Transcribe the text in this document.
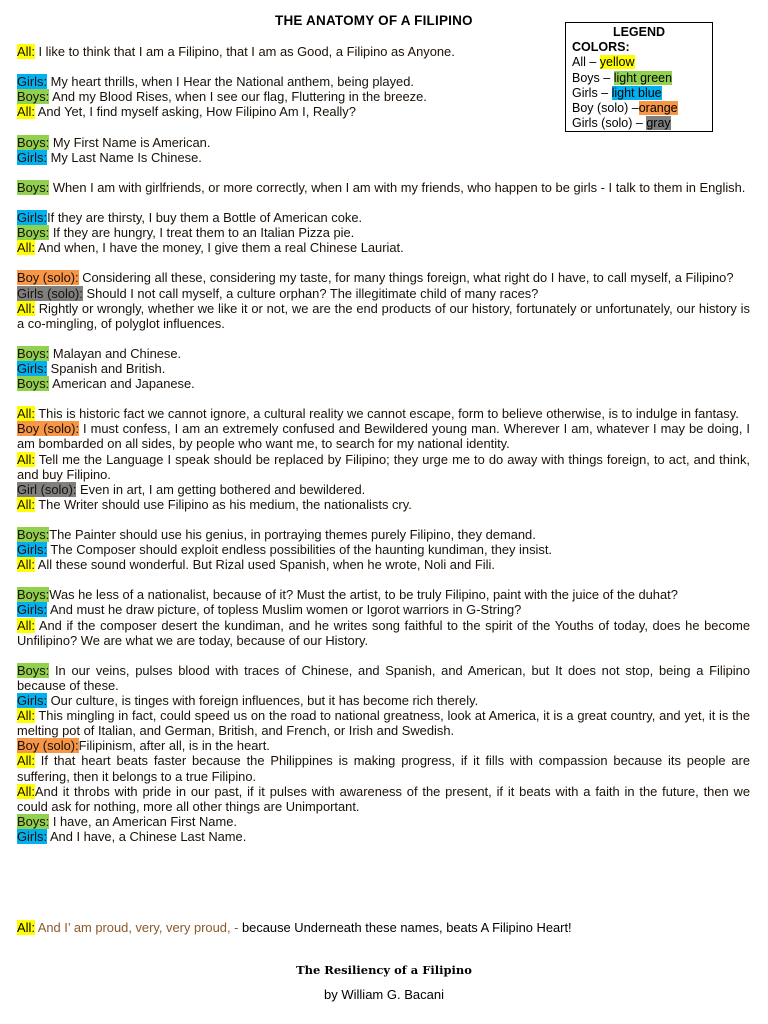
THE ANATOMY OF A FILIPINO
LEGEND
COLORS:
All – yellow
Boys – light green
Girls – light blue
Boy (solo) –orange
Girls (solo) – gray
All: I like to think that I am a Filipino, that I am as Good, a Filipino as Anyone.
Girls: My heart thrills, when I Hear the National anthem, being played.
Boys: And my Blood Rises, when I see our flag, Fluttering in the breeze.
All: And Yet, I find myself asking, How Filipino Am I, Really?
Boys: My First Name is American.
Girls: My Last Name Is Chinese.
Boys: When I am with girlfriends, or more correctly, when I am with my friends, who happen to be girls - I talk to them in English.
Girls:If they are thirsty, I buy them a Bottle of American coke.
Boys: If they are hungry, I treat them to an Italian Pizza pie.
All: And when, I have the money, I give them a real Chinese Lauriat.
Boy (solo): Considering all these, considering my taste, for many things foreign, what right do I have, to call myself, a Filipino?
Girls (solo): Should I not call myself, a culture orphan? The illegitimate child of many races?
All: Rightly or wrongly, whether we like it or not, we are the end products of our history, fortunately or unfortunately, our history is a co-mingling, of polyglot influences.
Boys: Malayan and Chinese.
Girls: Spanish and British.
Boys: American and Japanese.
All: This is historic fact we cannot ignore, a cultural reality we cannot escape, form to believe otherwise, is to indulge in fantasy.
Boy (solo): I must confess, I am an extremely confused and Bewildered young man. Wherever I am, whatever I may be doing, I am bombarded on all sides, by people who want me, to search for my national identity.
All: Tell me the Language I speak should be replaced by Filipino; they urge me to do away with things foreign, to act, and think, and buy Filipino.
Girl (solo): Even in art, I am getting bothered and bewildered.
All: The Writer should use Filipino as his medium, the nationalists cry.
Boys:The Painter should use his genius, in portraying themes purely Filipino, they demand.
Girls: The Composer should exploit endless possibilities of the haunting kundiman, they insist.
All: All these sound wonderful. But Rizal used Spanish, when he wrote, Noli and Fili.
Boys:Was he less of a nationalist, because of it? Must the artist, to be truly Filipino, paint with the juice of the duhat?
Girls: And must he draw picture, of topless Muslim women or Igorot warriors in G-String?
All: And if the composer desert the kundiman, and he writes song faithful to the spirit of the Youths of today, does he become Unfilipino? We are what we are today, because of our History.
Boys: In our veins, pulses blood with traces of Chinese, and Spanish, and American, but It does not stop, being a Filipino because of these.
Girls: Our culture, is tinges with foreign influences, but it has become rich therely.
All: This mingling in fact, could speed us on the road to national greatness, look at America, it is a great country, and yet, it is the melting pot of Italian, and German, British, and French, or Irish and Swedish.
Boy (solo):Filipinism, after all, is in the heart.
All: If that heart beats faster because the Philippines is making progress, if it fills with compassion because its people are suffering, then it belongs to a true Filipino.
All:And it throbs with pride in our past, if it pulses with awareness of the present, if it beats with a faith in the future, then we could ask for nothing, more all other things are Unimportant.
Boys: I have, an American First Name.
Girls: And I have, a Chinese Last Name.
All: And I’ am proud, very, very proud, - because Underneath these names, beats A Filipino Heart!
The Resiliency of a Filipino
by William G. Bacani
